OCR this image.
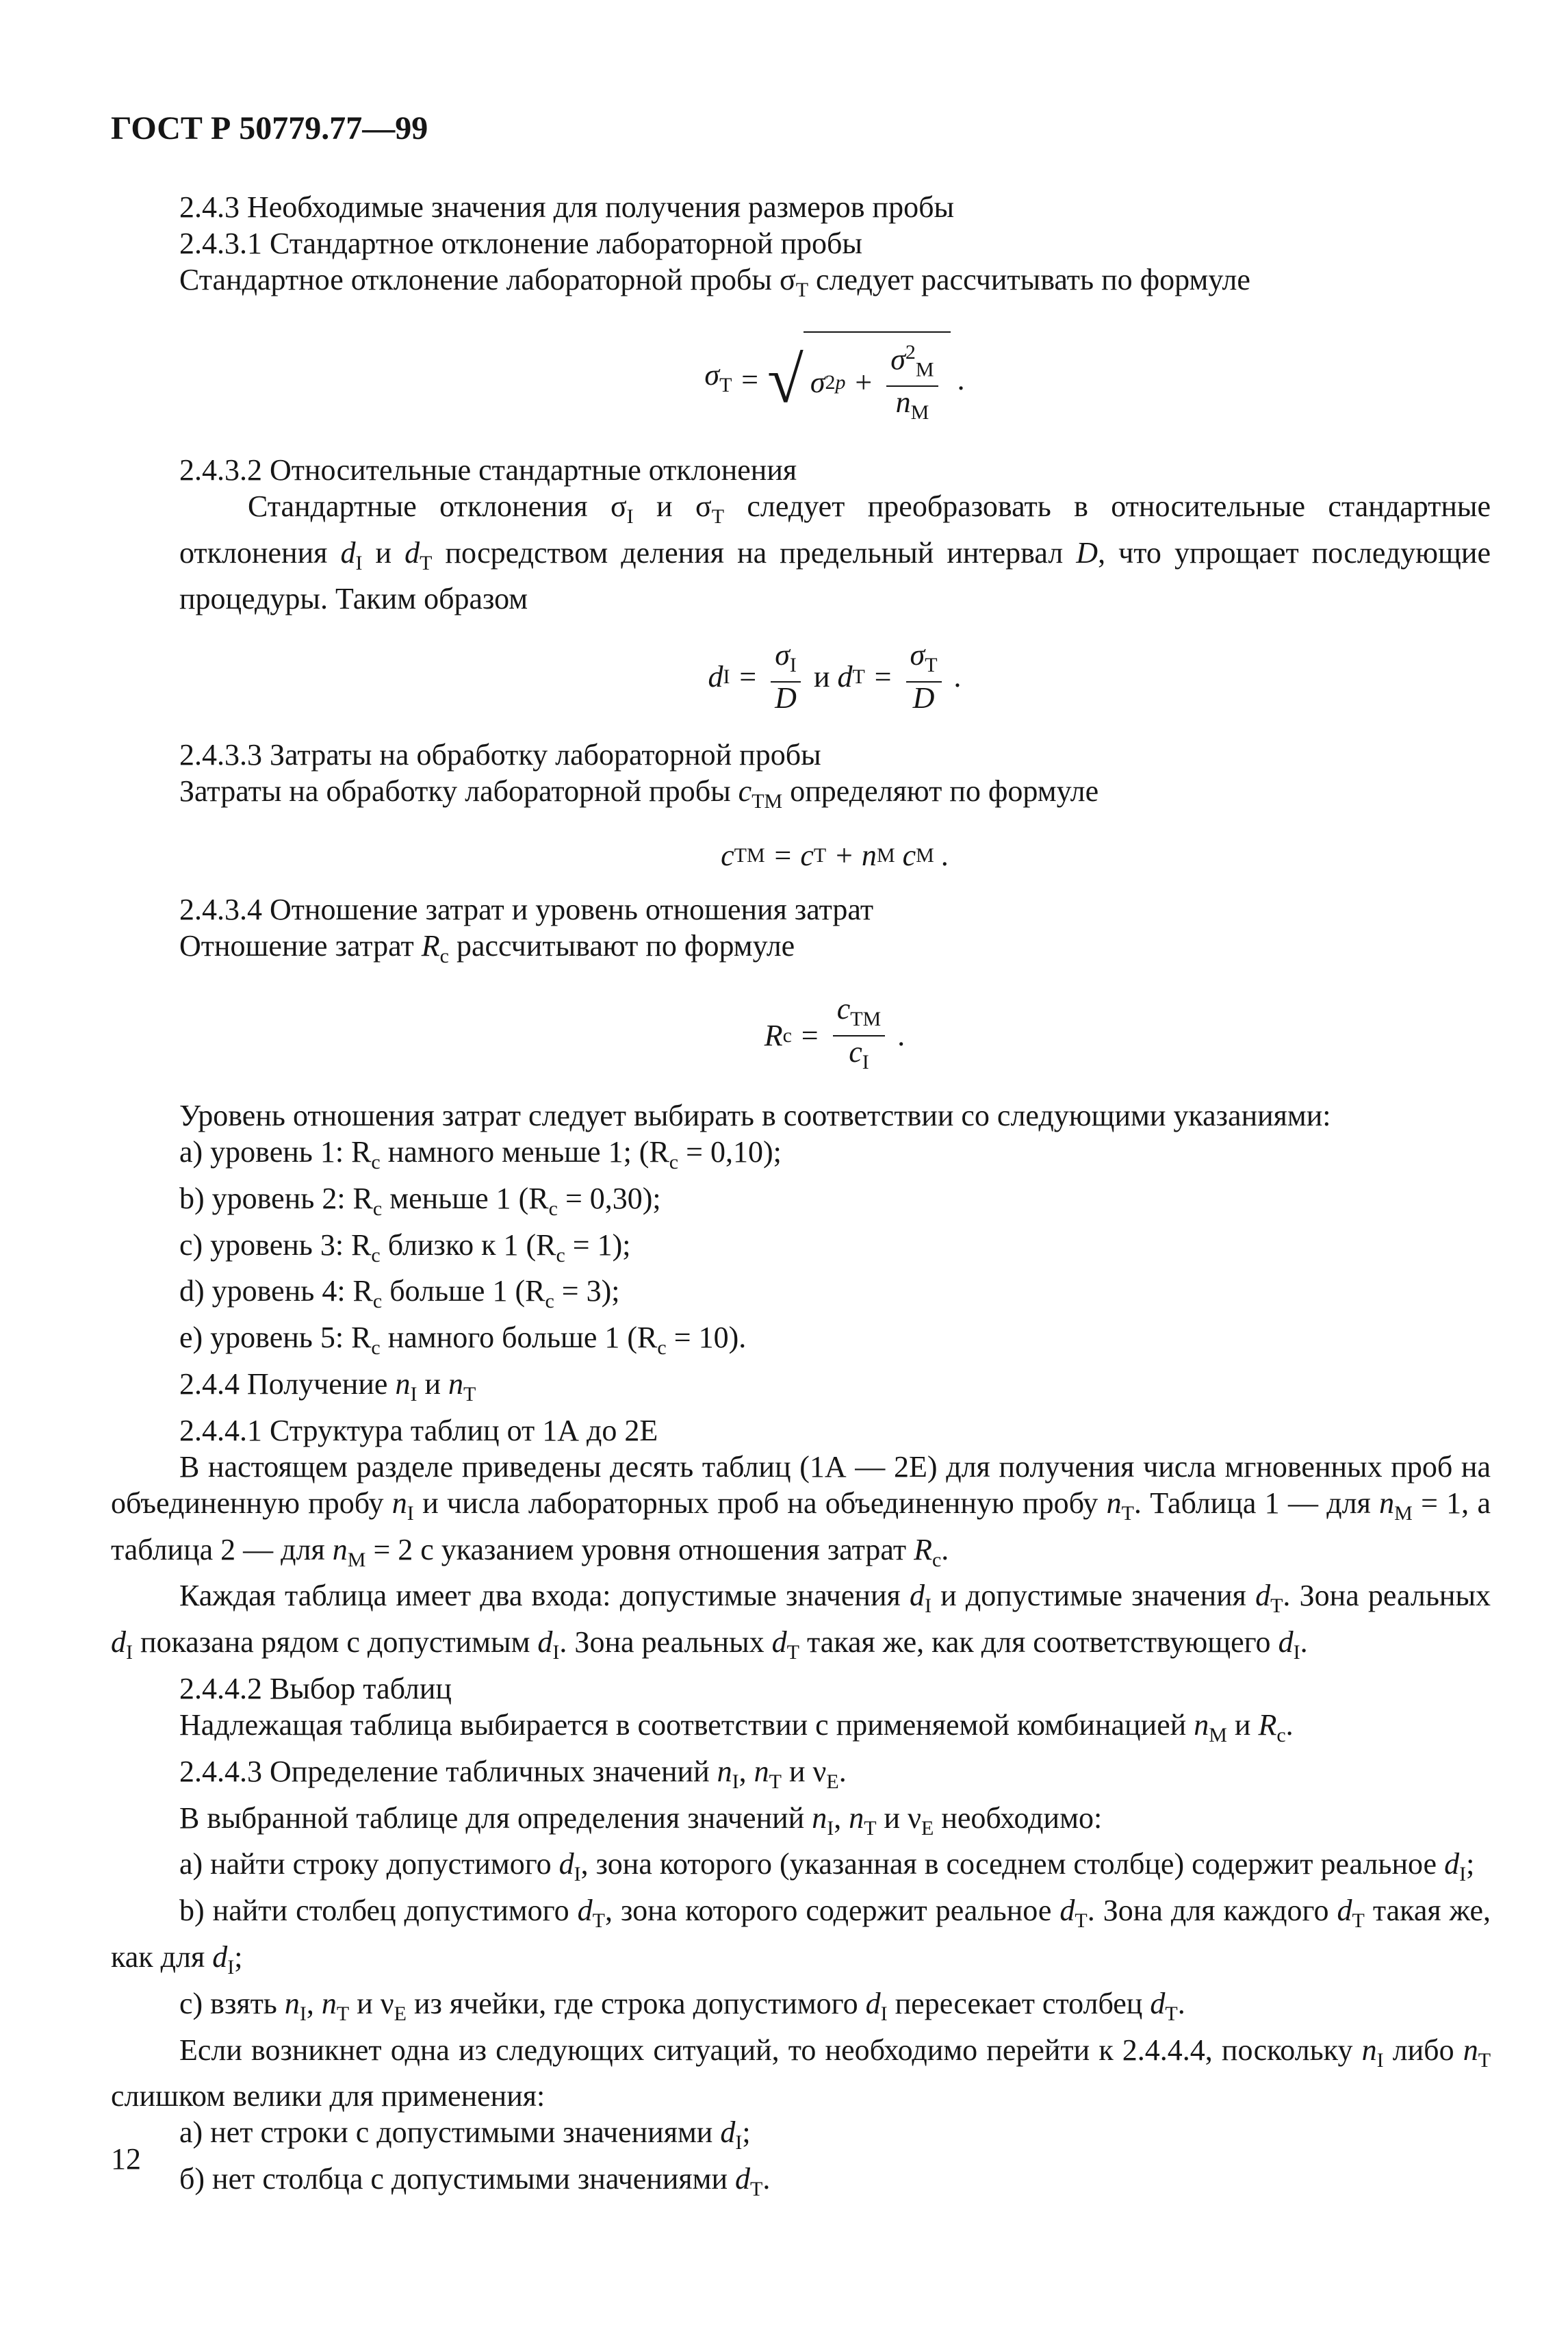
ГОСТ Р 50779.77—99

2.4.3 Необходимые значения для получения размеров пробы

2.4.3.1 Стандартное отклонение лабораторной пробы

Стандартное отклонение лабораторной пробы $\sigma_T$ следует рассчитывать по формуле

$\sigma_T$ = √ σ 2 $p + \frac{\sigma^2_M}{n_M}$ .

2.4.3.2 Относительные стандартные отклонения

Стандартные отклонения $\sigma_I$ и $\sigma_T$ следует преобразовать в относительные стандартные отклонения $d_I$ и $d_T$ посредством деления на предельный интервал D, что упрощает последующие процедуры. Таким образом

d $I = \frac{\sigma_I}{D}$
и d $T = \frac{\sigma_T}{D}$ .

2.4.3.3 Затраты на обработку лабораторной пробы

Затраты на обработку лабораторной пробы $c_{TM}$ определяют по формуле

c TM = c T + n M c M .

2.4.3.4 Отношение затрат и уровень отношения затрат

Отношение затрат $R_c$ рассчитывают по формуле

R $c = \frac{c_{TM}}{c_I}$ .

Уровень отношения затрат следует выбирать в соответствии со следующими указаниями:

а) уровень 1: $R_c$ намного меньше 1; $(R_c = 0,10)$;

b) уровень 2: $R_c$ меньше 1 $(R_c = 0,30)$;

c) уровень 3: $R_c$ близко к 1 $(R_c = 1)$;

d) уровень 4: $R_c$ больше 1 $(R_c = 3)$;

e) уровень 5: $R_c$ намного больше 1 $(R_c = 10)$.

2.4.4 Получение $n_I$ и $n_T$

2.4.4.1 Структура таблиц от 1А до 2Е

В настоящем разделе приведены десять таблиц (1А — 2Е) для получения числа мгновенных проб на объединенную пробу $n_I$ и числа лабораторных проб на объединенную пробу $n_T$. Таблица 1 — для $n_M = 1$, а таблица 2 — для $n_M = 2$ с указанием уровня отношения затрат $R_c$.

Каждая таблица имеет два входа: допустимые значения $d_I$ и допустимые значения $d_T$. Зона реальных $d_I$ показана рядом с допустимым $d_I$. Зона реальных $d_T$ такая же, как для соответствующего $d_I$.

2.4.4.2 Выбор таблиц

Надлежащая таблица выбирается в соответствии с применяемой комбинацией $n_M$ и $R_c$.

2.4.4.3 Определение табличных значений $n_I$, $n_T$ и $\nu_E$.

В выбранной таблице для определения значений $n_I$, $n_T$ и $\nu_E$ необходимо:

а) найти строку допустимого $d_I$, зона которого (указанная в соседнем столбце) содержит реальное $d_I$;

b) найти столбец допустимого $d_T$, зона которого содержит реальное $d_T$. Зона для каждого $d_T$ такая же, как для $d_I$;

с) взять $n_I$, $n_T$ и $\nu_E$ из ячейки, где строка допустимого $d_I$ пересекает столбец $d_T$.

Если возникнет одна из следующих ситуаций, то необходимо перейти к 2.4.4.4, поскольку $n_I$ либо $n_T$ слишком велики для применения:

а) нет строки с допустимыми значениями $d_I$;

б) нет столбца с допустимыми значениями $d_T$.

12
